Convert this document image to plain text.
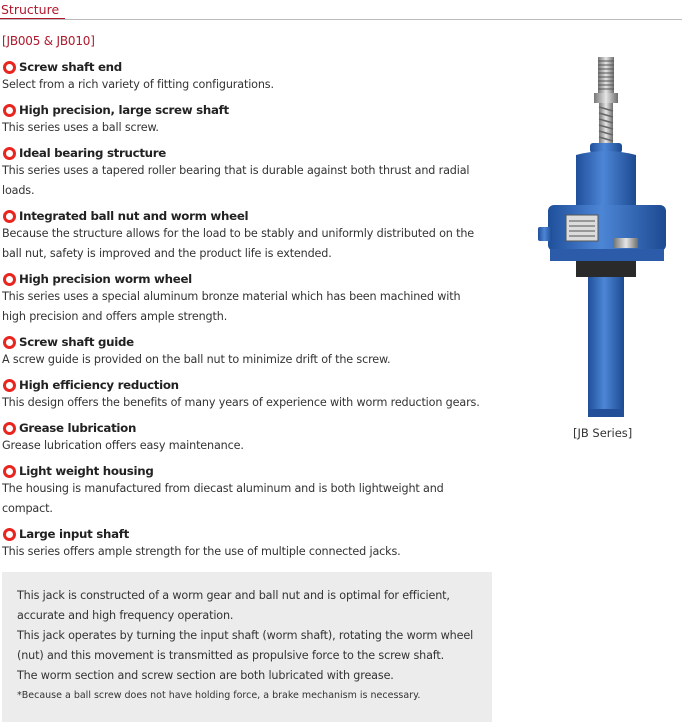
Structure
[JB005 & JB010]
Screw shaft end
Select from a rich variety of fitting configurations.
High precision, large screw shaft
This series uses a ball screw.
Ideal bearing structure
This series uses a tapered roller bearing that is durable against both thrust and radial loads.
Integrated ball nut and worm wheel
Because the structure allows for the load to be stably and uniformly distributed on the ball nut, safety is improved and the product life is extended.
High precision worm wheel
This series uses a special aluminum bronze material which has been machined with high precision and offers ample strength.
Screw shaft guide
A screw guide is provided on the ball nut to minimize drift of the screw.
High efficiency reduction
This design offers the benefits of many years of experience with worm reduction gears.
Grease lubrication
Grease lubrication offers easy maintenance.
Light weight housing
The housing is manufactured from diecast aluminum and is both lightweight and compact.
Large input shaft
This series offers ample strength for the use of multiple connected jacks.
[JB Series]
This jack is constructed of a worm gear and ball nut and is optimal for efficient, accurate and high frequency operation.
This jack operates by turning the input shaft (worm shaft), rotating the worm wheel (nut) and this movement is transmitted as propulsive force to the screw shaft.
The worm section and screw section are both lubricated with grease.
*Because a ball screw does not have holding force, a brake mechanism is necessary.
